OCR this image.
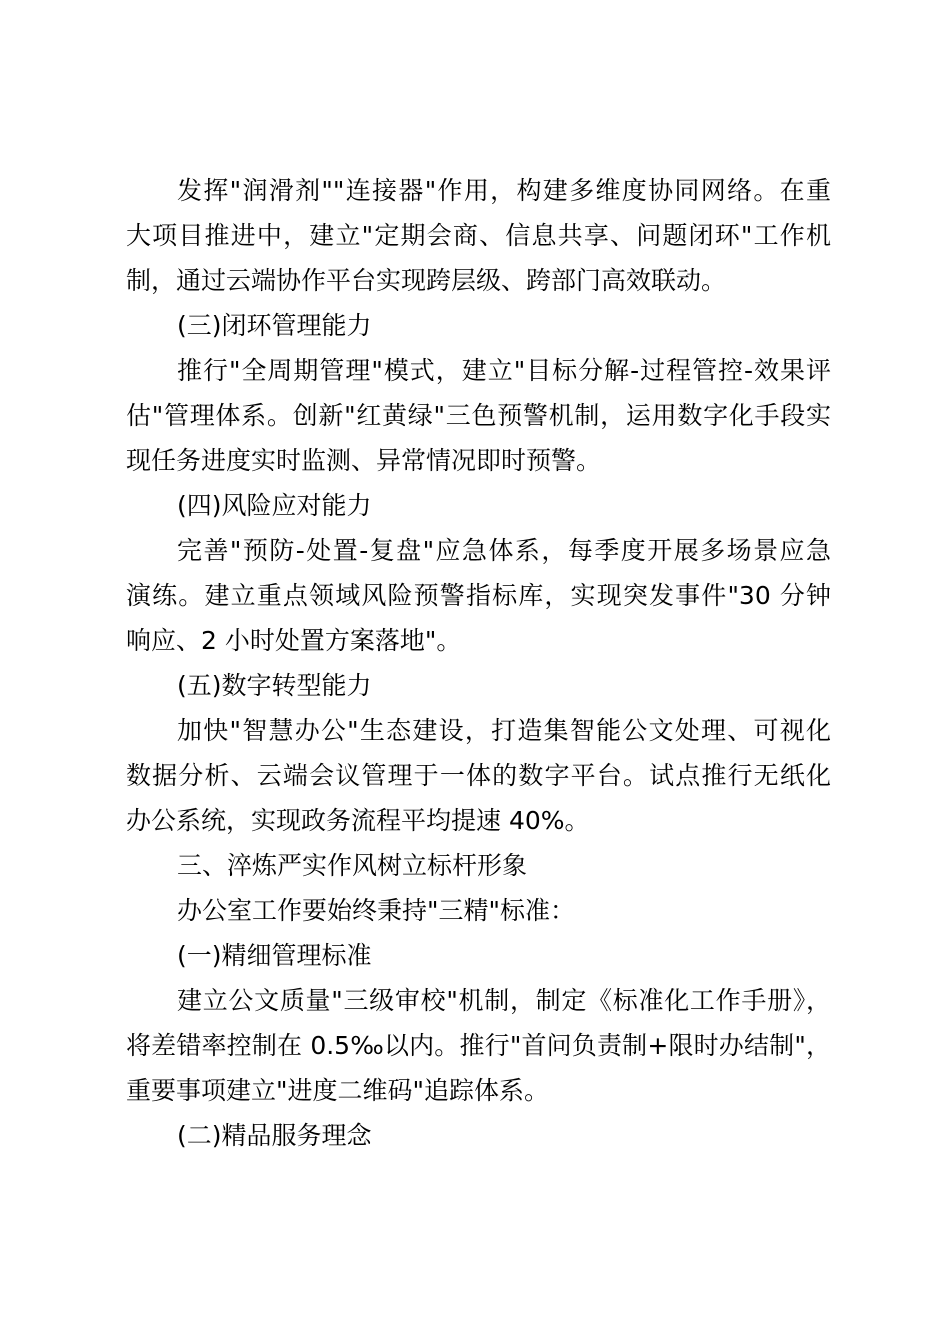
发挥"润滑剂""连接器"作用，构建多维度协同网络。在重
大项目推进中，建立"定期会商、信息共享、问题闭环"工作机
制，通过云端协作平台实现跨层级、跨部门高效联动。
(三)闭环管理能力
推行"全周期管理"模式，建立"目标分解-过程管控-效果评
估"管理体系。创新"红黄绿"三色预警机制，运用数字化手段实
现任务进度实时监测、异常情况即时预警。
(四)风险应对能力
完善"预防-处置-复盘"应急体系，每季度开展多场景应急
演练。建立重点领域风险预警指标库，实现突发事件"30 分钟
响应、2 小时处置方案落地"。
(五)数字转型能力
加快"智慧办公"生态建设，打造集智能公文处理、可视化
数据分析、云端会议管理于一体的数字平台。试点推行无纸化
办公系统，实现政务流程平均提速 40%。
三、淬炼严实作风树立标杆形象
办公室工作要始终秉持"三精"标准：
(一)精细管理标准
建立公文质量"三级审校"机制，制定《标准化工作手册》，
将差错率控制在 0.5‰以内。推行"首问负责制+限时办结制"，
重要事项建立"进度二维码"追踪体系。
(二)精品服务理念
